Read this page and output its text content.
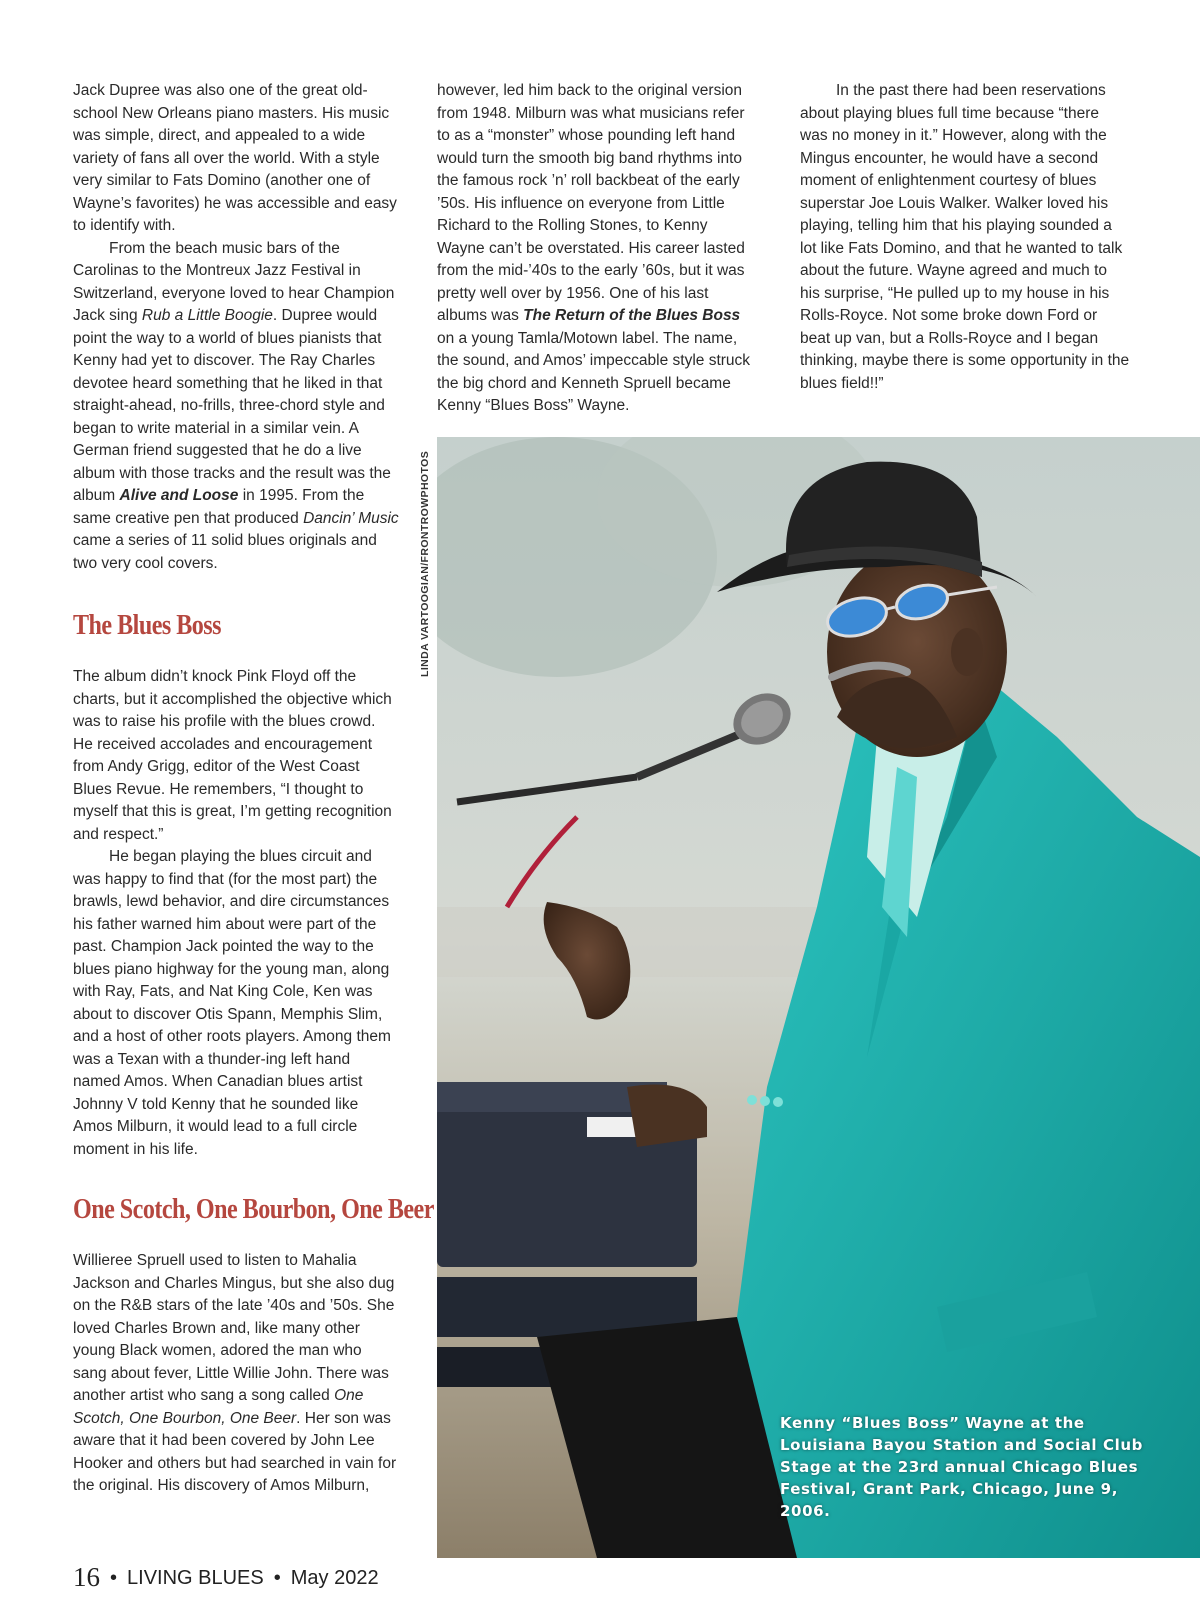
Jack Dupree was also one of the great old-school New Orleans piano masters. His music was simple, direct, and appealed to a wide variety of fans all over the world. With a style very similar to Fats Domino (another one of Wayne’s favorites) he was accessible and easy to identify with.

From the beach music bars of the Carolinas to the Montreux Jazz Festival in Switzerland, everyone loved to hear Champion Jack sing Rub a Little Boogie. Dupree would point the way to a world of blues pianists that Kenny had yet to discover. The Ray Charles devotee heard something that he liked in that straight-ahead, no-frills, three-chord style and began to write material in a similar vein. A German friend suggested that he do a live album with those tracks and the result was the album Alive and Loose in 1995. From the same creative pen that produced Dancin’ Music came a series of 11 solid blues originals and two very cool covers.

The Blues Boss

The album didn’t knock Pink Floyd off the charts, but it accomplished the objective which was to raise his profile with the blues crowd. He received accolades and encouragement from Andy Grigg, editor of the West Coast Blues Revue. He remembers, “I thought to myself that this is great, I’m getting recognition and respect.”

He began playing the blues circuit and was happy to find that (for the most part) the brawls, lewd behavior, and dire circumstances his father warned him about were part of the past. Champion Jack pointed the way to the blues piano highway for the young man, along with Ray, Fats, and Nat King Cole, Ken was about to discover Otis Spann, Memphis Slim, and a host of other roots players. Among them was a Texan with a thunder-ing left hand named Amos. When Canadian blues artist Johnny V told Kenny that he sounded like Amos Milburn, it would lead to a full circle moment in his life.

One Scotch, One Bourbon, One Beer

Willieree Spruell used to listen to Mahalia Jackson and Charles Mingus, but she also dug on the R&B stars of the late ’40s and ’50s. She loved Charles Brown and, like many other young Black women, adored the man who sang about fever, Little Willie John. There was another artist who sang a song called One Scotch, One Bourbon, One Beer. Her son was aware that it had been covered by John Lee Hooker and others but had searched in vain for the original. His discovery of Amos Milburn,

however, led him back to the original version from 1948. Milburn was what musicians refer to as a “monster” whose pounding left hand would turn the smooth big band rhythms into the famous rock ’n’ roll backbeat of the early ’50s. His influence on everyone from Little Richard to the Rolling Stones, to Kenny Wayne can’t be overstated. His career lasted from the mid-’40s to the early ’60s, but it was pretty well over by 1956. One of his last albums was The Return of the Blues Boss on a young Tamla/Motown label. The name, the sound, and Amos’ impeccable style struck the big chord and Kenneth Spruell became Kenny “Blues Boss” Wayne.

In the past there had been reservations about playing blues full time because “there was no money in it.” However, along with the Mingus encounter, he would have a second moment of enlightenment courtesy of blues superstar Joe Louis Walker. Walker loved his playing, telling him that his playing sounded a lot like Fats Domino, and that he wanted to talk about the future. Wayne agreed and much to his surprise, “He pulled up to my house in his Rolls-Royce. Not some broke down Ford or beat up van, but a Rolls-Royce and I began thinking, maybe there is some opportunity in the blues field!!”

LINDA VARTOOGIAN/FRONTROWPHOTOS
Kenny “Blues Boss” Wayne at the Louisiana Bayou Station and Social Club Stage at the 23rd annual Chicago Blues Festival, Grant Park, Chicago, June 9, 2006.
16 • LIVING BLUES • May 2022
